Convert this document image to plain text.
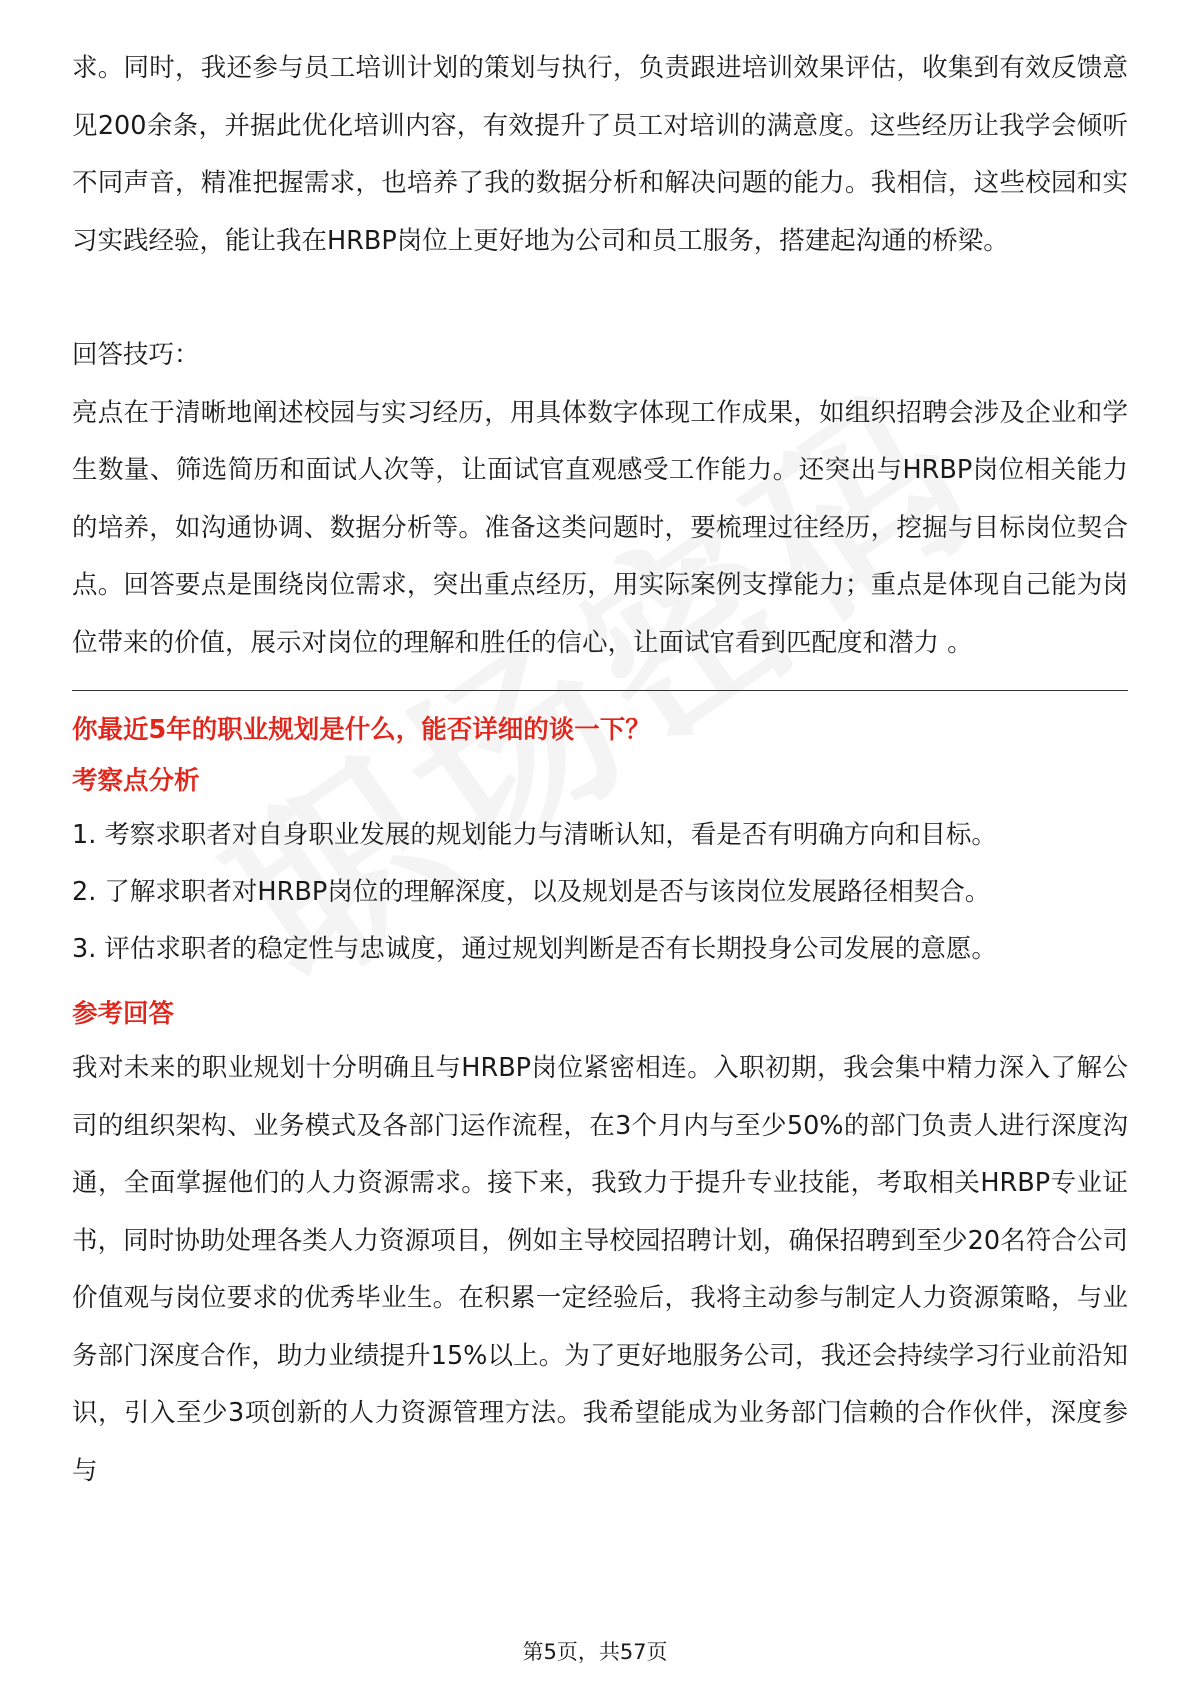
求。同时，我还参与员工培训计划的策划与执行，负责跟进培训效果评估，收集到有效反馈意见200余条，并据此优化培训内容，有效提升了员工对培训的满意度。这些经历让我学会倾听不同声音，精准把握需求，也培养了我的数据分析和解决问题的能力。我相信，这些校园和实习实践经验，能让我在HRBP岗位上更好地为公司和员工服务，搭建起沟通的桥梁。

回答技巧：

亮点在于清晰地阐述校园与实习经历，用具体数字体现工作成果，如组织招聘会涉及企业和学生数量、筛选简历和面试人次等，让面试官直观感受工作能力。还突出与HRBP岗位相关能力的培养，如沟通协调、数据分析等。准备这类问题时，要梳理过往经历，挖掘与目标岗位契合点。回答要点是围绕岗位需求，突出重点经历，用实际案例支撑能力；重点是体现自己能为岗位带来的价值，展示对岗位的理解和胜任的信心，让面试官看到匹配度和潜力 。

你最近5年的职业规划是什么，能否详细的谈一下？

考察点分析

1. 考察求职者对自身职业发展的规划能力与清晰认知，看是否有明确方向和目标。
2. 了解求职者对HRBP岗位的理解深度，以及规划是否与该岗位发展路径相契合。
3. 评估求职者的稳定性与忠诚度，通过规划判断是否有长期投身公司发展的意愿。

参考回答

我对未来的职业规划十分明确且与HRBP岗位紧密相连。入职初期，我会集中精力深入了解公司的组织架构、业务模式及各部门运作流程，在3个月内与至少50%的部门负责人进行深度沟通，全面掌握他们的人力资源需求。接下来，我致力于提升专业技能，考取相关HRBP专业证书，同时协助处理各类人力资源项目，例如主导校园招聘计划，确保招聘到至少20名符合公司价值观与岗位要求的优秀毕业生。在积累一定经验后，我将主动参与制定人力资源策略，与业务部门深度合作，助力业绩提升15%以上。为了更好地服务公司，我还会持续学习行业前沿知识，引入至少3项创新的人力资源管理方法。我希望能成为业务部门信赖的合作伙伴，深度参与

第5页，共57页
